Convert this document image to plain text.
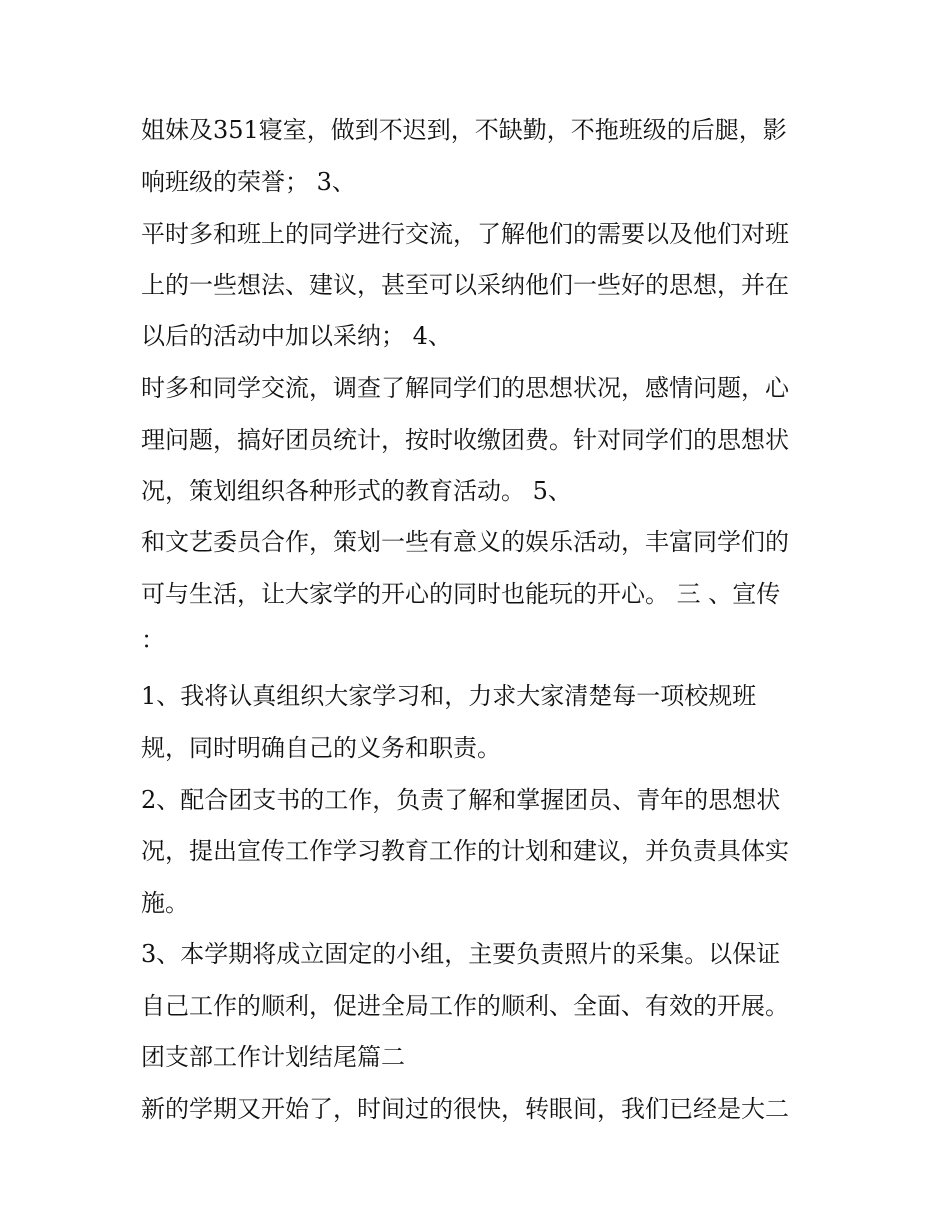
姐妹及351寝室，做到不迟到，不缺勤，不拖班级的后腿，影
响班级的荣誉； 3、
平时多和班上的同学进行交流，了解他们的需要以及他们对班
上的一些想法、建议，甚至可以采纳他们一些好的思想，并在
以后的活动中加以采纳； 4、
时多和同学交流，调查了解同学们的思想状况，感情问题，心
理问题，搞好团员统计，按时收缴团费。针对同学们的思想状
况，策划组织各种形式的教育活动。 5、
和文艺委员合作，策划一些有意义的娱乐活动，丰富同学们的
可与生活，让大家学的开心的同时也能玩的开心。 三 、宣传
：
1、我将认真组织大家学习和，力求大家清楚每一项校规班
规，同时明确自己的义务和职责。
2、配合团支书的工作，负责了解和掌握团员、青年的思想状
况，提出宣传工作学习教育工作的计划和建议，并负责具体实
施。
3、本学期将成立固定的小组，主要负责照片的采集。以保证
自己工作的顺利，促进全局工作的顺利、全面、有效的开展。
团支部工作计划结尾篇二
新的学期又开始了，时间过的很快，转眼间，我们已经是大二
